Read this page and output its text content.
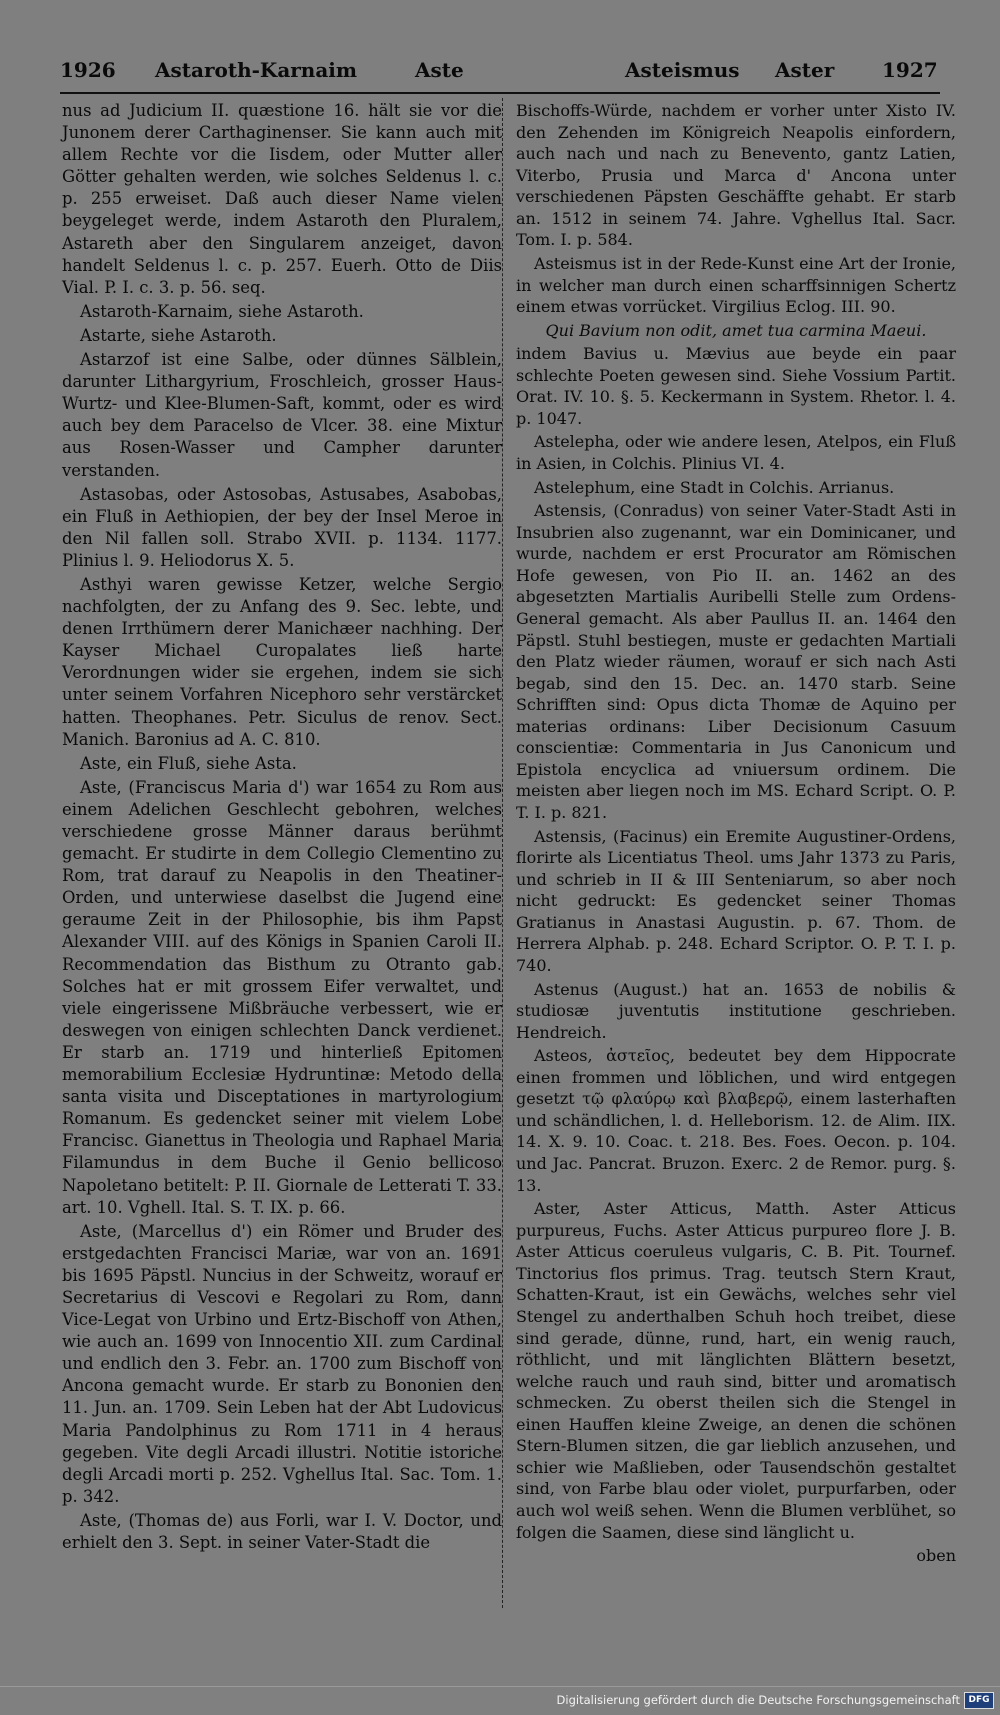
1926 Astaroth-Karnaim	Aste	Asteismus Aster 1927

nus ad Judicium II. quæstione 16. hält sie vor die Junonem derer Carthaginenser. Sie kann auch mit allem Rechte vor die Iisdem, oder Mutter aller Götter gehalten werden, wie solches Seldenus l. c. p. 255 erweiset. Daß auch dieser Name vielen beygeleget werde, indem Astaroth den Pluralem, Astareth aber den Singularem anzeiget, davon handelt Seldenus l. c. p. 257. Euerh. Otto de Diis Vial. P. I. c. 3. p. 56. seq.

Astaroth-Karnaim, siehe Astaroth.

Astarte, siehe Astaroth.

Astarzof ist eine Salbe, oder dünnes Sälblein, darunter Lithargyrium, Froschleich, grosser Haus-Wurtz- und Klee-Blumen-Saft, kommt, oder es wird auch bey dem Paracelso de Vlcer. 38. eine Mixtur aus Rosen-Wasser und Campher darunter verstanden.

Astasobas, oder Astosobas, Astusabes, Asabobas, ein Fluß in Aethiopien, der bey der Insel Meroe in den Nil fallen soll. Strabo XVII. p. 1134. 1177. Plinius l. 9. Heliodorus X. 5.

Asthyi waren gewisse Ketzer, welche Sergio nachfolgten, der zu Anfang des 9. Sec. lebte, und denen Irrthümern derer Manichæer nachhing. Der Kayser Michael Curopalates ließ harte Verordnungen wider sie ergehen, indem sie sich unter seinem Vorfahren Nicephoro sehr verstärcket hatten. Theophanes. Petr. Siculus de renov. Sect. Manich. Baronius ad A. C. 810.

Aste, ein Fluß, siehe Asta.

Aste, (Franciscus Maria d') war 1654 zu Rom aus einem Adelichen Geschlecht gebohren, welches verschiedene grosse Männer daraus berühmt gemacht. Er studirte in dem Collegio Clementino zu Rom, trat darauf zu Neapolis in den Theatiner-Orden, und unterwiese daselbst die Jugend eine geraume Zeit in der Philosophie, bis ihm Papst Alexander VIII. auf des Königs in Spanien Caroli II. Recommendation das Bisthum zu Otranto gab. Solches hat er mit grossem Eifer verwaltet, und viele eingerissene Mißbräuche verbessert, wie er deswegen von einigen schlechten Danck verdienet. Er starb an. 1719 und hinterließ Epitomen memorabilium Ecclesiæ Hydruntinæ: Metodo della santa visita und Disceptationes in martyrologium Romanum. Es gedencket seiner mit vielem Lobe Francisc. Gianettus in Theologia und Raphael Maria Filamundus in dem Buche il Genio bellicoso Napoletano betitelt: P. II. Giornale de Letterati T. 33. art. 10. Vghell. Ital. S. T. IX. p. 66.

Aste, (Marcellus d') ein Römer und Bruder des erstgedachten Francisci Mariæ, war von an. 1691 bis 1695 Päpstl. Nuncius in der Schweitz, worauf er Secretarius di Vescovi e Regolari zu Rom, dann Vice-Legat von Urbino und Ertz-Bischoff von Athen, wie auch an. 1699 von Innocentio XII. zum Cardinal und endlich den 3. Febr. an. 1700 zum Bischoff von Ancona gemacht wurde. Er starb zu Bononien den 11. Jun. an. 1709. Sein Leben hat der Abt Ludovicus Maria Pandolphinus zu Rom 1711 in 4 heraus gegeben. Vite degli Arcadi illustri. Notitie istoriche degli Arcadi morti p. 252. Vghellus Ital. Sac. Tom. 1. p. 342.

Aste, (Thomas de) aus Forli, war I. V. Doctor, und erhielt den 3. Sept. in seiner Vater-Stadt die

Bischoffs-Würde, nachdem er vorher unter Xisto IV. den Zehenden im Königreich Neapolis einfordern, auch nach und nach zu Benevento, gantz Latien, Viterbo, Prusia und Marca d' Ancona unter verschiedenen Päpsten Geschäffte gehabt. Er starb an. 1512 in seinem 74. Jahre. Vghellus Ital. Sacr. Tom. I. p. 584.

Asteismus ist in der Rede-Kunst eine Art der Ironie, in welcher man durch einen scharffsinnigen Schertz einem etwas vorrücket. Virgilius Eclog. III. 90.

Qui Bavium non odit, amet tua carmina Maeui.

indem Bavius u. Mævius aue beyde ein paar schlechte Poeten gewesen sind. Siehe Vossium Partit. Orat. IV. 10. §. 5. Keckermann in System. Rhetor. l. 4. p. 1047.

Astelepha, oder wie andere lesen, Atelpos, ein Fluß in Asien, in Colchis. Plinius VI. 4.

Astelephum, eine Stadt in Colchis. Arrianus.

Astensis, (Conradus) von seiner Vater-Stadt Asti in Insubrien also zugenannt, war ein Dominicaner, und wurde, nachdem er erst Procurator am Römischen Hofe gewesen, von Pio II. an. 1462 an des abgesetzten Martialis Auribelli Stelle zum Ordens-General gemacht. Als aber Paullus II. an. 1464 den Päpstl. Stuhl bestiegen, muste er gedachten Martiali den Platz wieder räumen, worauf er sich nach Asti begab, sind den 15. Dec. an. 1470 starb. Seine Schrifften sind: Opus dicta Thomæ de Aquino per materias ordinans: Liber Decisionum Casuum conscientiæ: Commentaria in Jus Canonicum und Epistola encyclica ad vniuersum ordinem. Die meisten aber liegen noch im MS. Echard Script. O. P. T. I. p. 821.

Astensis, (Facinus) ein Eremite Augustiner-Ordens, florirte als Licentiatus Theol. ums Jahr 1373 zu Paris, und schrieb in II & III Senteniarum, so aber noch nicht gedruckt: Es gedencket seiner Thomas Gratianus in Anastasi Augustin. p. 67. Thom. de Herrera Alphab. p. 248. Echard Scriptor. O. P. T. I. p. 740.

Astenus (August.) hat an. 1653 de nobilis & studiosæ juventutis institutione geschrieben. Hendreich.

Asteos, ἀστεῖος, bedeutet bey dem Hippocrate einen frommen und löblichen, und wird entgegen gesetzt τῷ φλαύρῳ καὶ βλαβερῷ, einem lasterhaften und schändlichen, l. d. Helleborism. 12. de Alim. IIX. 14. X. 9. 10. Coac. t. 218. Bes. Foes. Oecon. p. 104. und Jac. Pancrat. Bruzon. Exerc. 2 de Remor. purg. §. 13.

Aster, Aster Atticus, Matth. Aster Atticus purpureus, Fuchs. Aster Atticus purpureo flore J. B. Aster Atticus coeruleus vulgaris, C. B. Pit. Tournef. Tinctorius flos primus. Trag. teutsch Stern Kraut, Schatten-Kraut, ist ein Gewächs, welches sehr viel Stengel zu anderthalben Schuh hoch treibet, diese sind gerade, dünne, rund, hart, ein wenig rauch, röthlicht, und mit länglichten Blättern besetzt, welche rauch und rauh sind, bitter und aromatisch schmecken. Zu oberst theilen sich die Stengel in einen Hauffen kleine Zweige, an denen die schönen Stern-Blumen sitzen, die gar lieblich anzusehen, und schier wie Maßlieben, oder Tausendschön gestaltet sind, von Farbe blau oder violet, purpurfarben, oder auch wol weiß sehen. Wenn die Blumen verblühet, so folgen die Saamen, diese sind länglicht u.

oben

Digitalisierung gefördert durch die Deutsche Forschungsgemeinschaft DFG
